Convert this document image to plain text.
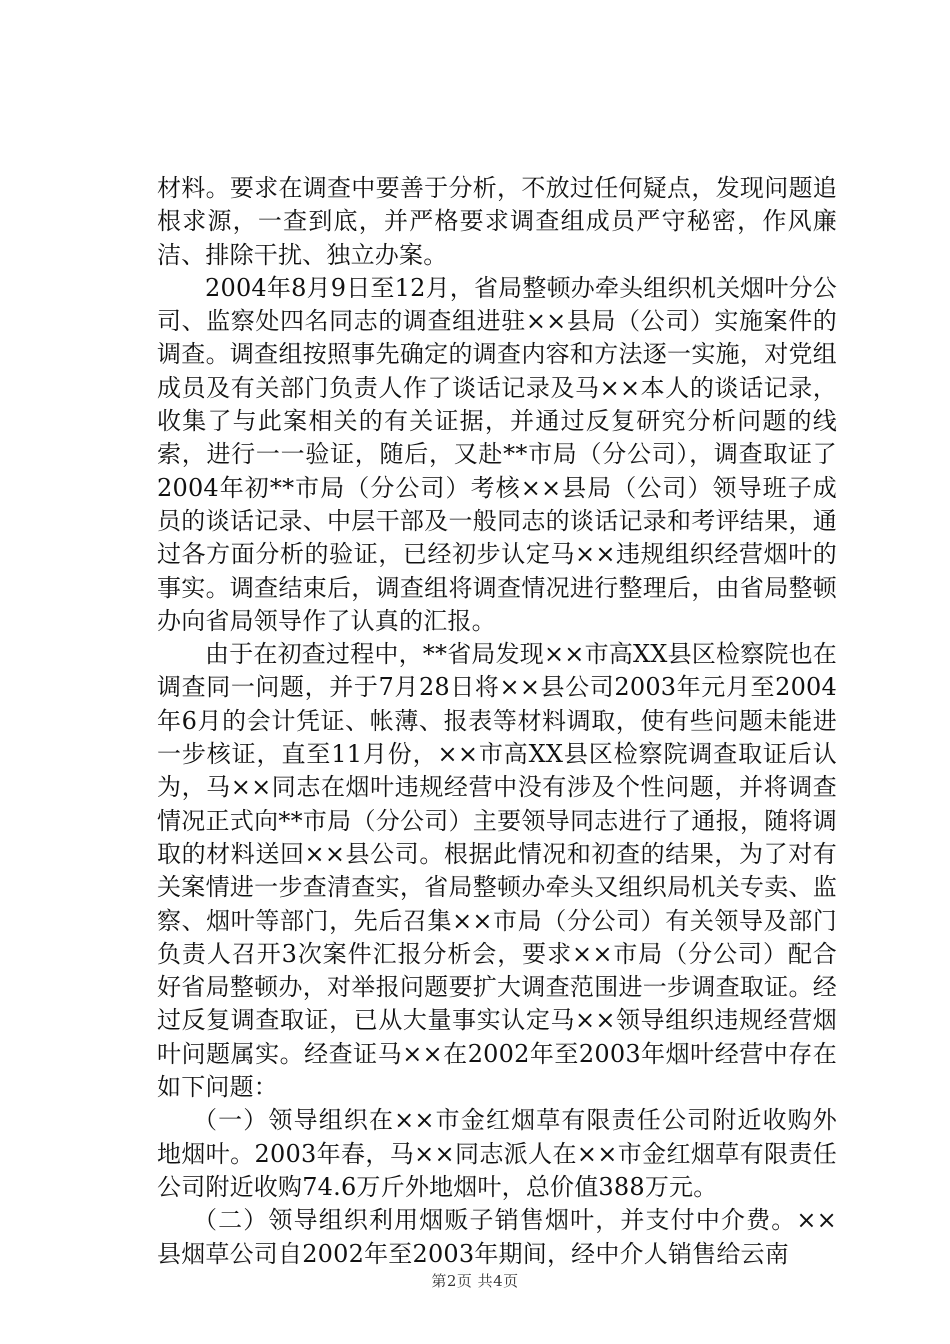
材料。要求在调查中要善于分析，不放过任何疑点，发现问题追根求源，一查到底，并严格要求调查组成员严守秘密，作风廉洁、排除干扰、独立办案。

2004年8月9日至12月，省局整顿办牵头组织机关烟叶分公司、监察处四名同志的调查组进驻××县局（公司）实施案件的调查。调查组按照事先确定的调查内容和方法逐一实施，对党组成员及有关部门负责人作了谈话记录及马××本人的谈话记录，收集了与此案相关的有关证据，并通过反复研究分析问题的线索，进行一一验证，随后，又赴**市局（分公司），调查取证了2004年初**市局（分公司）考核××县局（公司）领导班子成员的谈话记录、中层干部及一般同志的谈话记录和考评结果，通过各方面分析的验证，已经初步认定马××违规组织经营烟叶的事实。调查结束后，调查组将调查情况进行整理后，由省局整顿办向省局领导作了认真的汇报。

由于在初查过程中，**省局发现××市高XX县区检察院也在调查同一问题，并于7月28日将××县公司2003年元月至2004年6月的会计凭证、帐薄、报表等材料调取，使有些问题未能进一步核证，直至11月份，××市高XX县区检察院调查取证后认为，马××同志在烟叶违规经营中没有涉及个性问题，并将调查情况正式向**市局（分公司）主要领导同志进行了通报，随将调取的材料送回××县公司。根据此情况和初查的结果，为了对有关案情进一步查清查实，省局整顿办牵头又组织局机关专卖、监察、烟叶等部门，先后召集××市局（分公司）有关领导及部门负责人召开3次案件汇报分析会，要求××市局（分公司）配合好省局整顿办，对举报问题要扩大调查范围进一步调查取证。经过反复调查取证，已从大量事实认定马××领导组织违规经营烟叶问题属实。经查证马××在2002年至2003年烟叶经营中存在如下问题：

（一）领导组织在××市金红烟草有限责任公司附近收购外地烟叶。2003年春，马××同志派人在××市金红烟草有限责任公司附近收购74.6万斤外地烟叶，总价值388万元。

（二）领导组织利用烟贩子销售烟叶，并支付中介费。××县烟草公司自2002年至2003年期间，经中介人销售给云南

第2页 共4页
